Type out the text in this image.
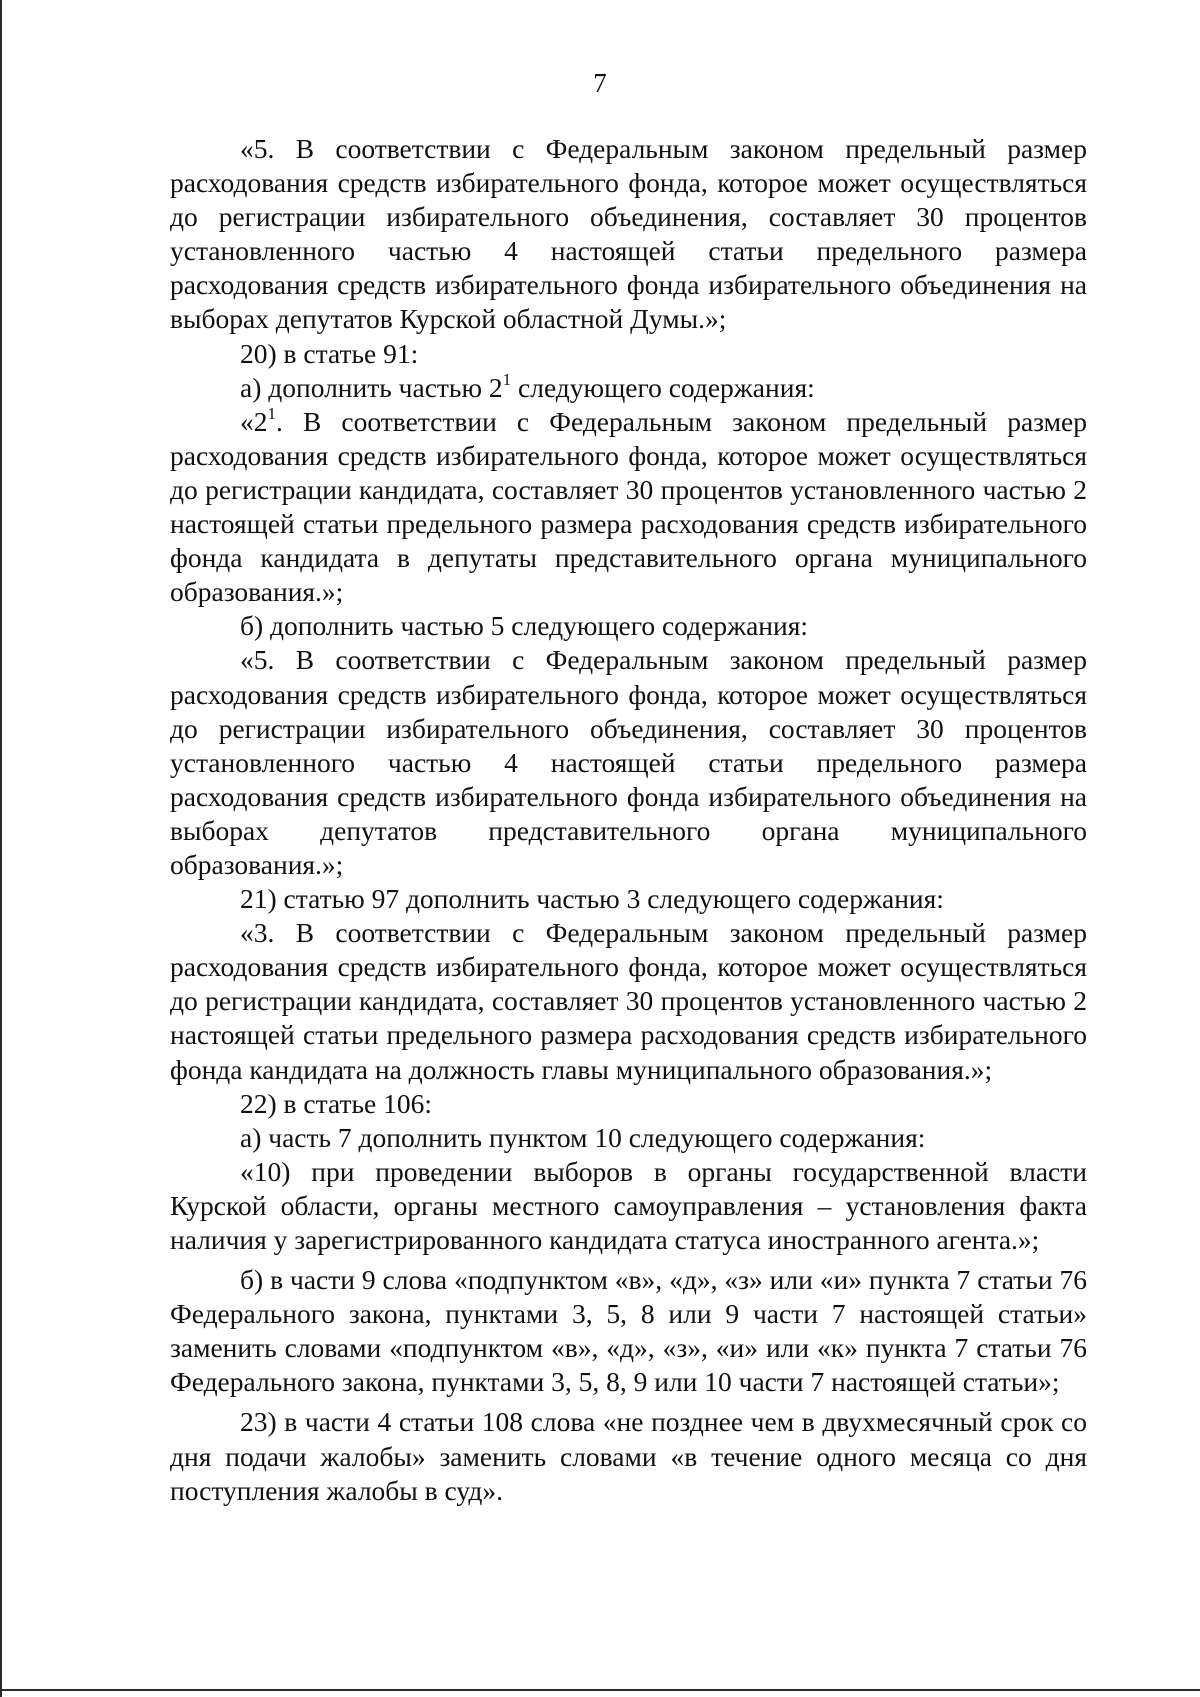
7

«5. В соответствии с Федеральным законом предельный размер расходования средств избирательного фонда, которое может осуществляться до регистрации избирательного объединения, составляет 30 процентов установленного частью 4 настоящей статьи предельного размера расходования средств избирательного фонда избирательного объединения на выборах депутатов Курской областной Думы.»;

20) в статье 91:

а) дополнить частью $2^1$ следующего содержания:

«$2^1$. В соответствии с Федеральным законом предельный размер расходования средств избирательного фонда, которое может осуществляться до регистрации кандидата, составляет 30 процентов установленного частью 2 настоящей статьи предельного размера расходования средств избирательного фонда кандидата в депутаты представительного органа муниципального образования.»;

б) дополнить частью 5 следующего содержания:

«5. В соответствии с Федеральным законом предельный размер расходования средств избирательного фонда, которое может осуществляться до регистрации избирательного объединения, составляет 30 процентов установленного частью 4 настоящей статьи предельного размера расходования средств избирательного фонда избирательного объединения на выборах депутатов представительного органа муниципального образования.»;

21) статью 97 дополнить частью 3 следующего содержания:

«3. В соответствии с Федеральным законом предельный размер расходования средств избирательного фонда, которое может осуществляться до регистрации кандидата, составляет 30 процентов установленного частью 2 настоящей статьи предельного размера расходования средств избирательного фонда кандидата на должность главы муниципального образования.»;

22) в статье 106:

а) часть 7 дополнить пунктом 10 следующего содержания:

«10) при проведении выборов в органы государственной власти Курской области, органы местного самоуправления – установления факта наличия у зарегистрированного кандидата статуса иностранного агента.»;

б) в части 9 слова «подпунктом «в», «д», «з» или «и» пункта 7 статьи 76 Федерального закона, пунктами 3, 5, 8 или 9 части 7 настоящей статьи» заменить словами «подпунктом «в», «д», «з», «и» или «к» пункта 7 статьи 76 Федерального закона, пунктами 3, 5, 8, 9 или 10 части 7 настоящей статьи»;

23) в части 4 статьи 108 слова «не позднее чем в двухмесячный срок со дня подачи жалобы» заменить словами «в течение одного месяца со дня поступления жалобы в суд».
